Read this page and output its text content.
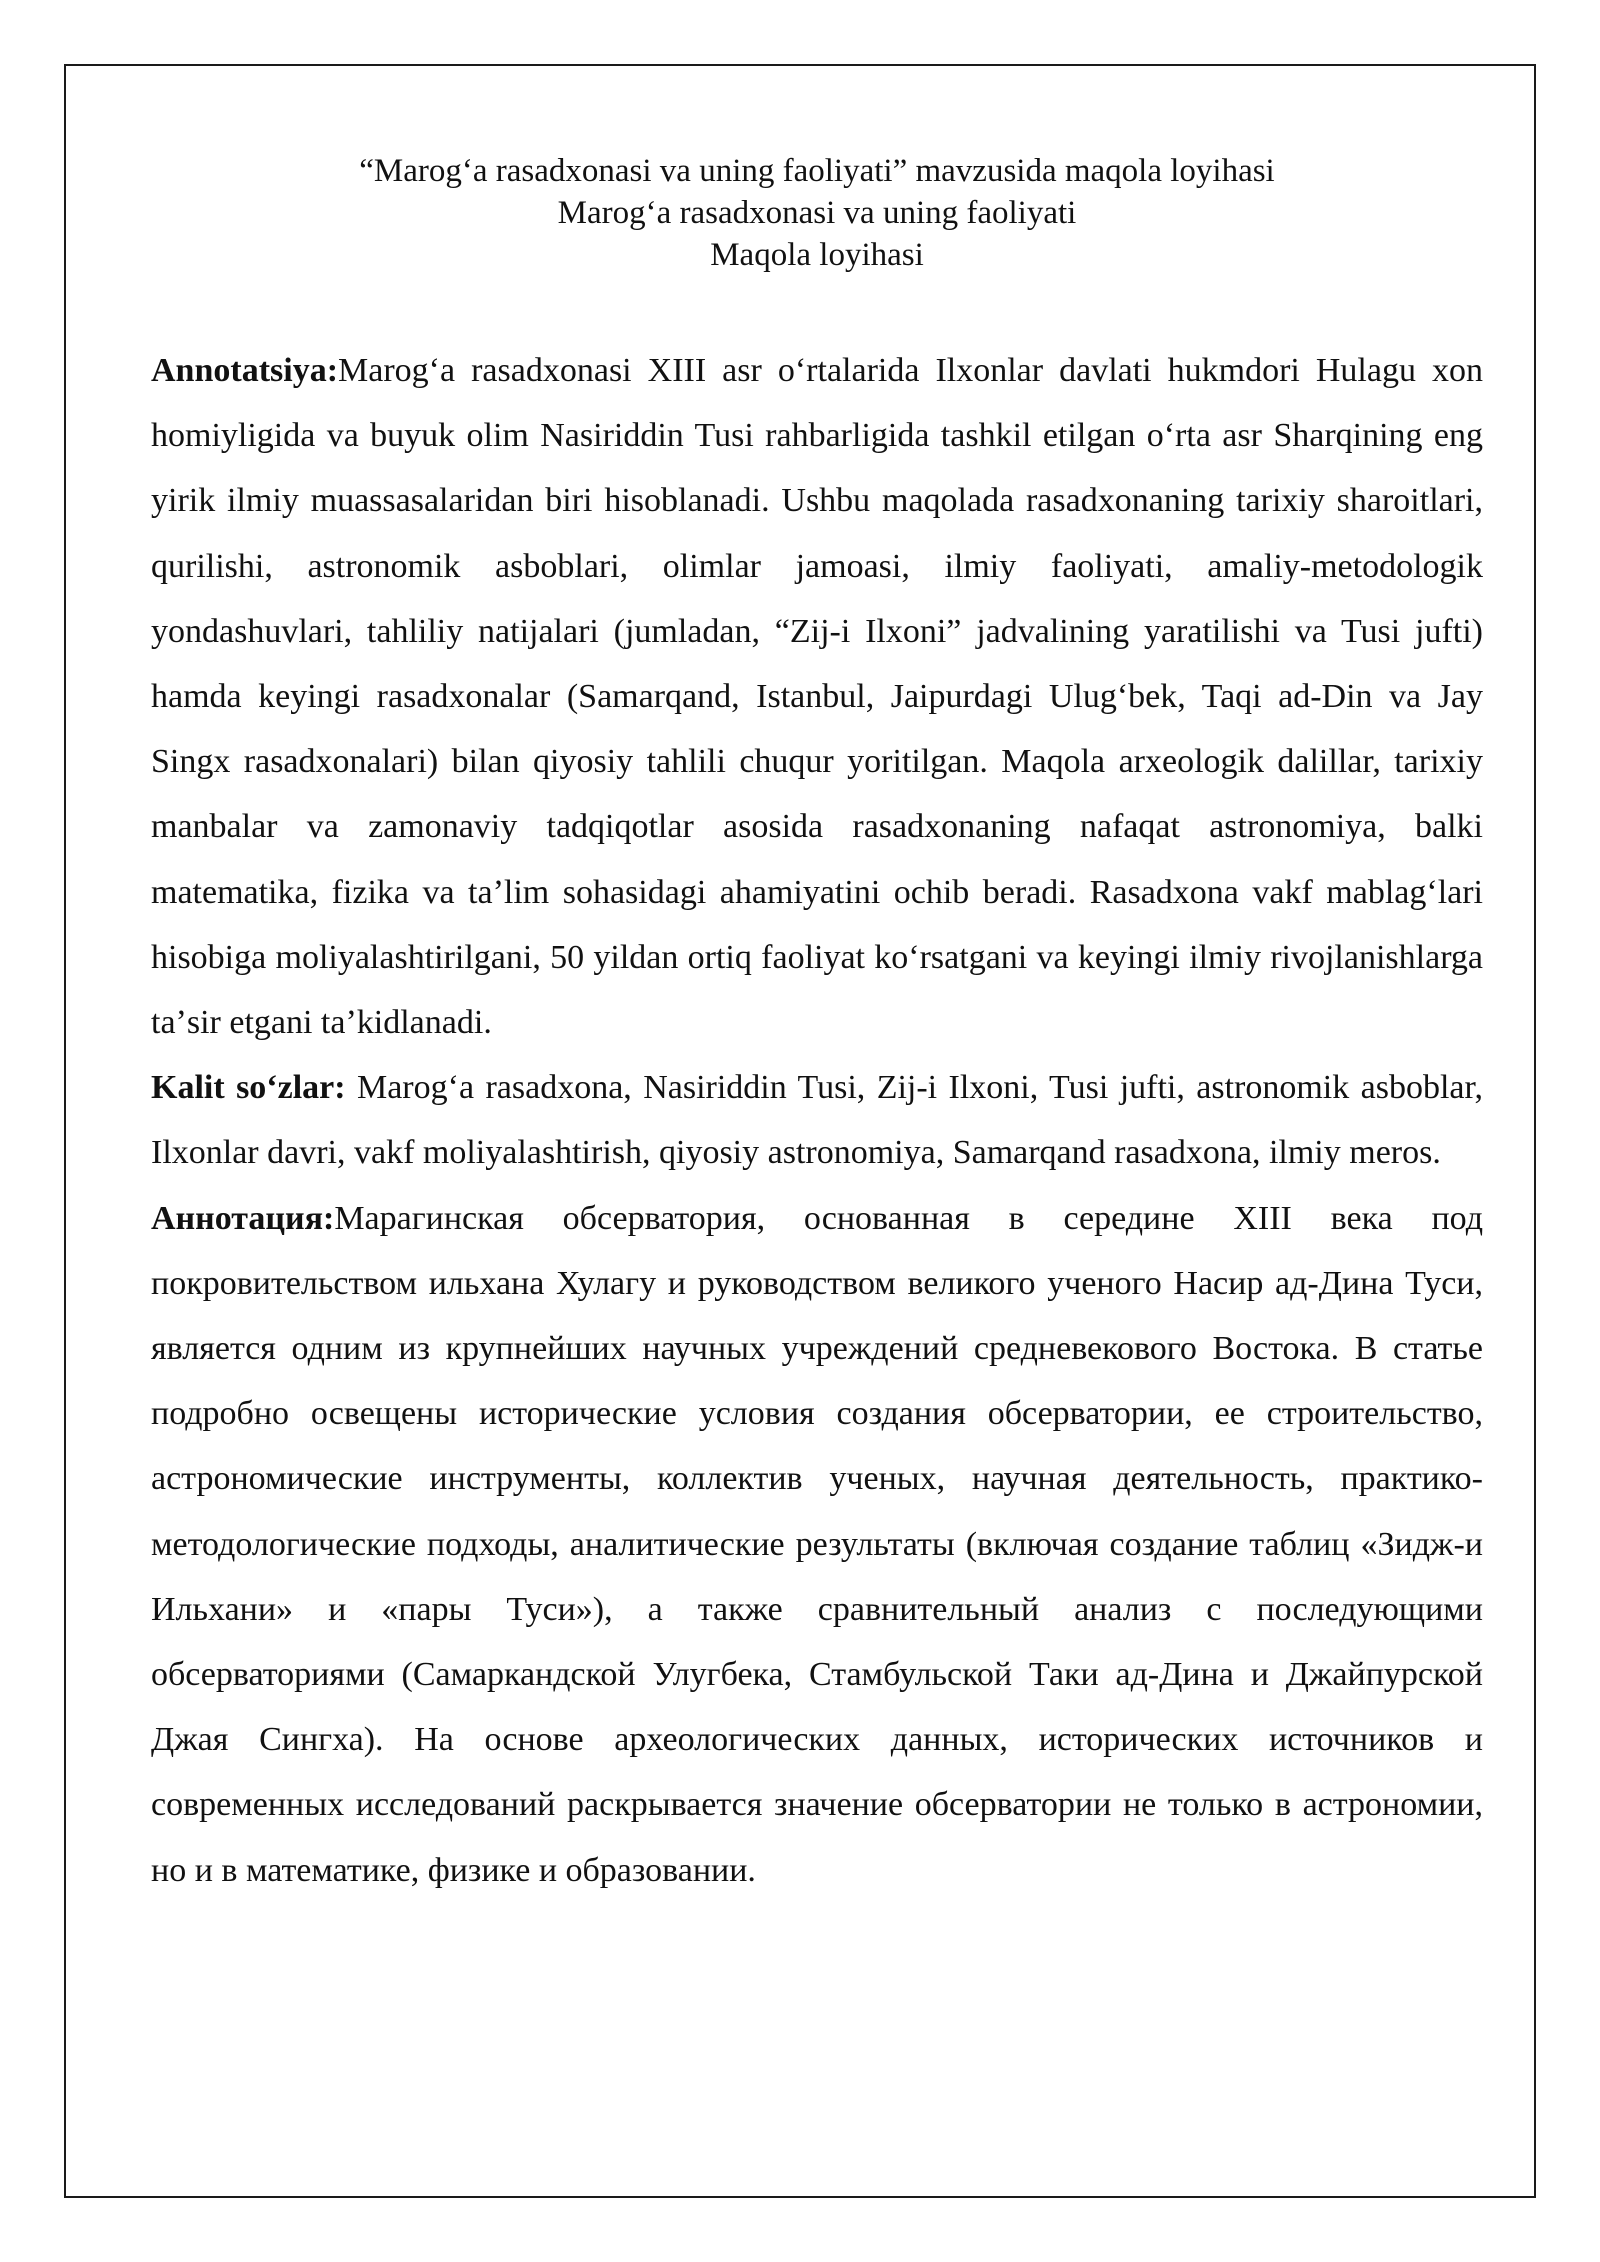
“Marogʻa rasadxonasi va uning faoliyati” mavzusida maqola loyihasi
Marogʻa rasadxonasi va uning faoliyati
Maqola loyihasi

Annotatsiya:Marogʻa rasadxonasi XIII asr oʻrtalarida Ilxonlar davlati hukmdori Hulagu xon homiyligida va buyuk olim Nasiriddin Tusi rahbarligida tashkil etilgan oʻrta asr Sharqining eng yirik ilmiy muassasalaridan biri hisoblanadi. Ushbu maqolada rasadxonaning tarixiy sharoitlari, qurilishi, astronomik asboblari, olimlar jamoasi, ilmiy faoliyati, amaliy-metodologik yondashuvlari, tahliliy natijalari (jumladan, “Zij-i Ilxoni” jadvalining yaratilishi va Tusi jufti) hamda keyingi rasadxonalar (Samarqand, Istanbul, Jaipurdagi Ulugʻbek, Taqi ad-Din va Jay Singx rasadxonalari) bilan qiyosiy tahlili chuqur yoritilgan. Maqola arxeologik dalillar, tarixiy manbalar va zamonaviy tadqiqotlar asosida rasadxonaning nafaqat astronomiya, balki matematika, fizika va taʼlim sohasidagi ahamiyatini ochib beradi. Rasadxona vakf mablagʻlari hisobiga moliyalashtirilgani, 50 yildan ortiq faoliyat koʻrsatgani va keyingi ilmiy rivojlanishlarga taʼsir etgani taʼkidlanadi.

Kalit soʻzlar: Marogʻa rasadxona, Nasiriddin Tusi, Zij-i Ilxoni, Tusi jufti, astronomik asboblar, Ilxonlar davri, vakf moliyalashtirish, qiyosiy astronomiya, Samarqand rasadxona, ilmiy meros.

Аннотация:Марагинская обсерватория, основанная в середине XIII века под покровительством ильхана Хулагу и руководством великого ученого Насир ад-Дина Туси, является одним из крупнейших научных учреждений средневекового Востока. В статье подробно освещены исторические условия создания обсерватории, ее строительство, астрономические инструменты, коллектив ученых, научная деятельность, практико-методологические подходы, аналитические результаты (включая создание таблиц «Зидж-и Ильхани» и «пары Туси»), а также сравнительный анализ с последующими обсерваториями (Самаркандской Улугбека, Стамбульской Таки ад-Дина и Джайпурской Джая Сингха). На основе археологических данных, исторических источников и современных исследований раскрывается значение обсерватории не только в астрономии, но и в математике, физике и образовании.
